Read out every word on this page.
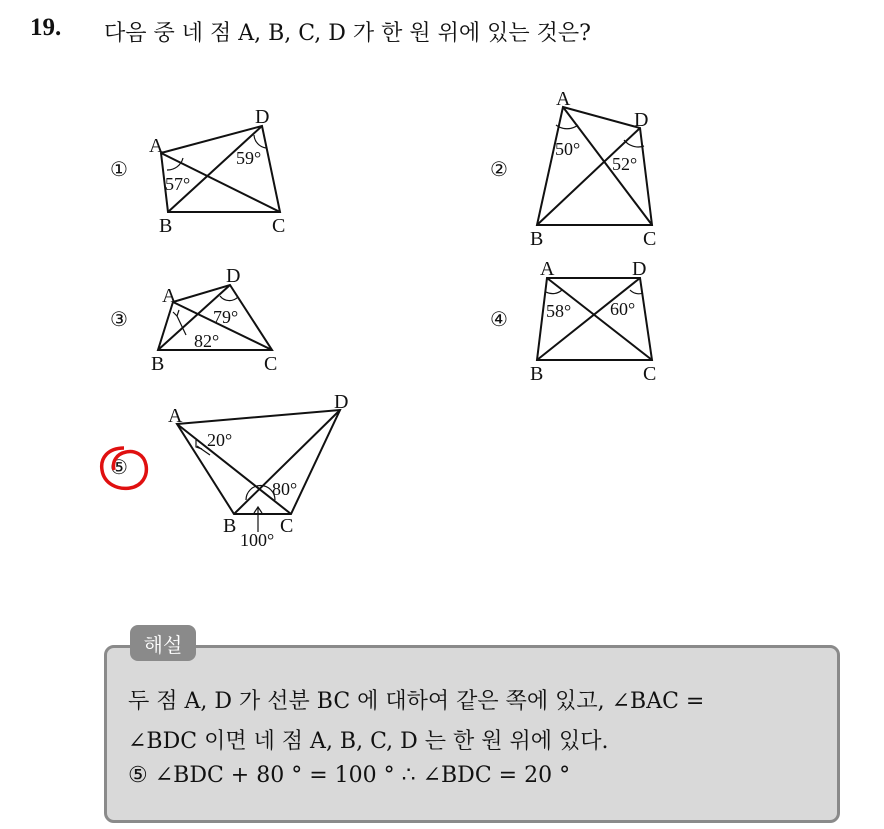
19. 다음 중 네 점 A, B, C, D 가 한 원 위에 있는 것은?
①	②
③	④
⑤
A
D
B	C
57°
59°
A
D
B	C
50°
52°
A
D
B	C
79°
82°
A	D
B	C
58° 60°
A
D
B C
20°
80°
100°
해설
두 점 A, D 가 선분 BC 에 대하여 같은 쪽에 있고, ∠BAC =
∠BDC 이면 네 점 A, B, C, D 는 한 원 위에 있다.
⑤ ∠BDC + 80 ° = 100 ° ∴ ∠BDC = 20 °
